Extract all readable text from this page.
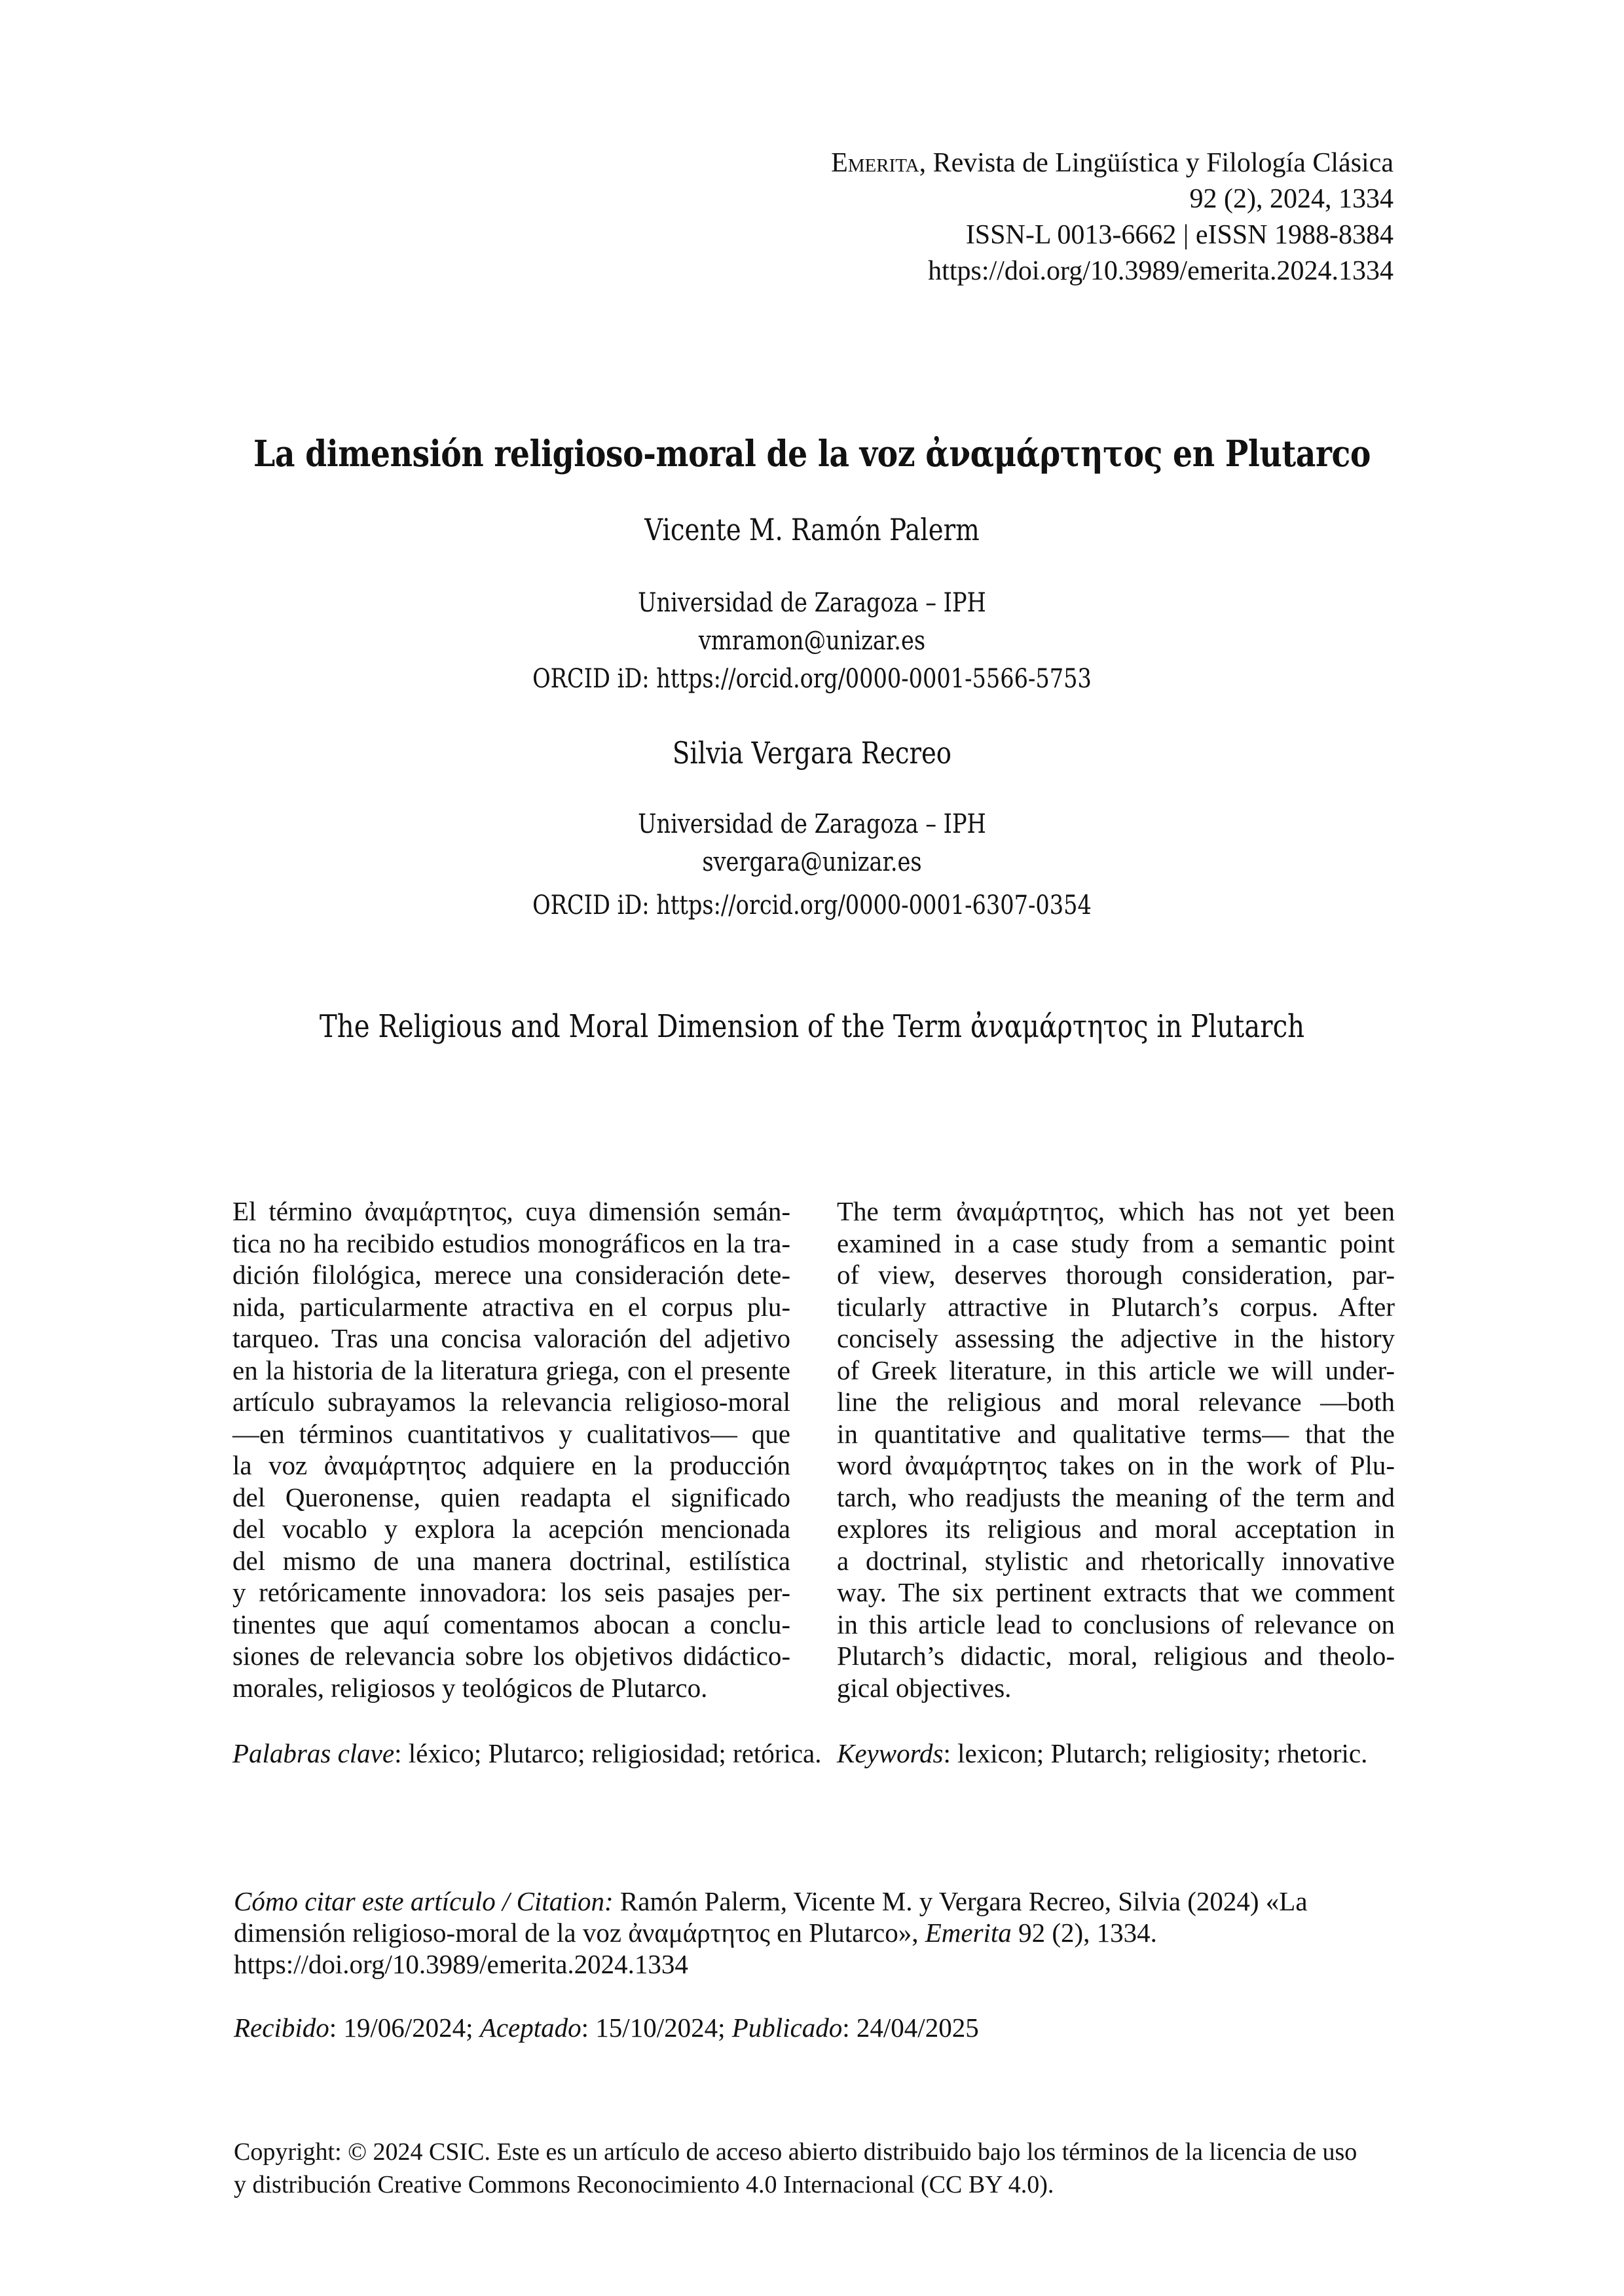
Emerita, Revista de Lingüística y Filología Clásica
92 (2), 2024, 1334
ISSN-L 0013-6662 | eISSN 1988-8384
https://doi.org/10.3989/emerita.2024.1334
La dimensión religioso-moral de la voz ἀναμάρτητος en Plutarco
Vicente M. Ramón Palerm
Universidad de Zaragoza – IPH
vmramon@unizar.es
ORCID iD: https://orcid.org/0000-0001-5566-5753
Silvia Vergara Recreo
Universidad de Zaragoza – IPH
svergara@unizar.es
ORCID iD: https://orcid.org/0000-0001-6307-0354
The Religious and Moral Dimension of the Term ἀναμάρτητος in Plutarch
El término ἀναμάρτητος, cuya dimensión semán-
tica no ha recibido estudios monográficos en la tra-
dición filológica, merece una consideración dete-
nida, particularmente atractiva en el corpus plu-
tarqueo. Tras una concisa valoración del adjetivo
en la historia de la literatura griega, con el presente
artículo subrayamos la relevancia religioso-moral
—en términos cuantitativos y cualitativos— que
la voz ἀναμάρτητος adquiere en la producción
del Queronense, quien readapta el significado
del vocablo y explora la acepción mencionada
del mismo de una manera doctrinal, estilística
y retóricamente innovadora: los seis pasajes per-
tinentes que aquí comentamos abocan a conclu-
siones de relevancia sobre los objetivos didáctico-
morales, religiosos y teológicos de Plutarco.
Palabras clave: léxico; Plutarco; religiosidad; retórica.
The term ἀναμάρτητος, which has not yet been
examined in a case study from a semantic point
of view, deserves thorough consideration, par-
ticularly attractive in Plutarch’s corpus. After
concisely assessing the adjective in the history
of Greek literature, in this article we will under-
line the religious and moral relevance —both
in quantitative and qualitative terms— that the
word ἀναμάρτητος takes on in the work of Plu-
tarch, who readjusts the meaning of the term and
explores its religious and moral acceptation in
a doctrinal, stylistic and rhetorically innovative
way. The six pertinent extracts that we comment
in this article lead to conclusions of relevance on
Plutarch’s didactic, moral, religious and theolo-
gical objectives.
Keywords: lexicon; Plutarch; religiosity; rhetoric.
Cómo citar este artículo / Citation: Ramón Palerm, Vicente M. y Vergara Recreo, Silvia (2024) «La dimensión religioso-moral de la voz ἀναμάρτητος en Plutarco», Emerita 92 (2), 1334. https://doi.org/10.3989/emerita.2024.1334
Recibido: 19/06/2024; Aceptado: 15/10/2024; Publicado: 24/04/2025
Copyright: © 2024 CSIC. Este es un artículo de acceso abierto distribuido bajo los términos de la licencia de uso
y distribución Creative Commons Reconocimiento 4.0 Internacional (CC BY 4.0).
